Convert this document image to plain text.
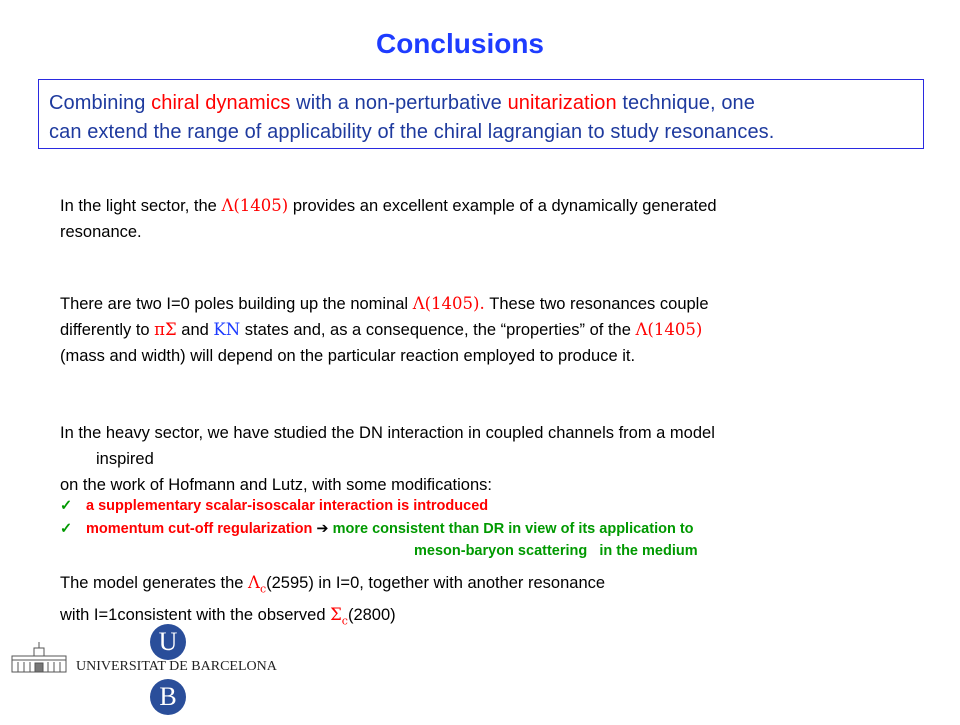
Conclusions
Combining chiral dynamics with a non-perturbative unitarization technique, one
can extend the range of applicability of the chiral lagrangian to study resonances.
In the light sector, the Λ(1405) provides an excellent example of a dynamically generated
resonance.
There are two I=0 poles building up the nominal Λ(1405). These two resonances couple
differently to πΣ and KN states and, as a consequence, the “properties” of the Λ(1405)
(mass and width) will depend on the particular reaction employed to produce it.
In the heavy sector, we have studied the DN interaction in coupled channels from a model
inspired
on the work of Hofmann and Lutz, with some modifications:
✓ a supplementary scalar-isoscalar interaction is introduced
✓ momentum cut-off regularization ➔ more consistent than DR in view of its application to
meson-baryon scattering   in the medium
The model generates the $\Lambda_c(2595)$ in I=0, together with another resonance
with I=1consistent with the observed $\Sigma_c(2800)$
U
B
UNIVERSITAT DE BARCELONA
